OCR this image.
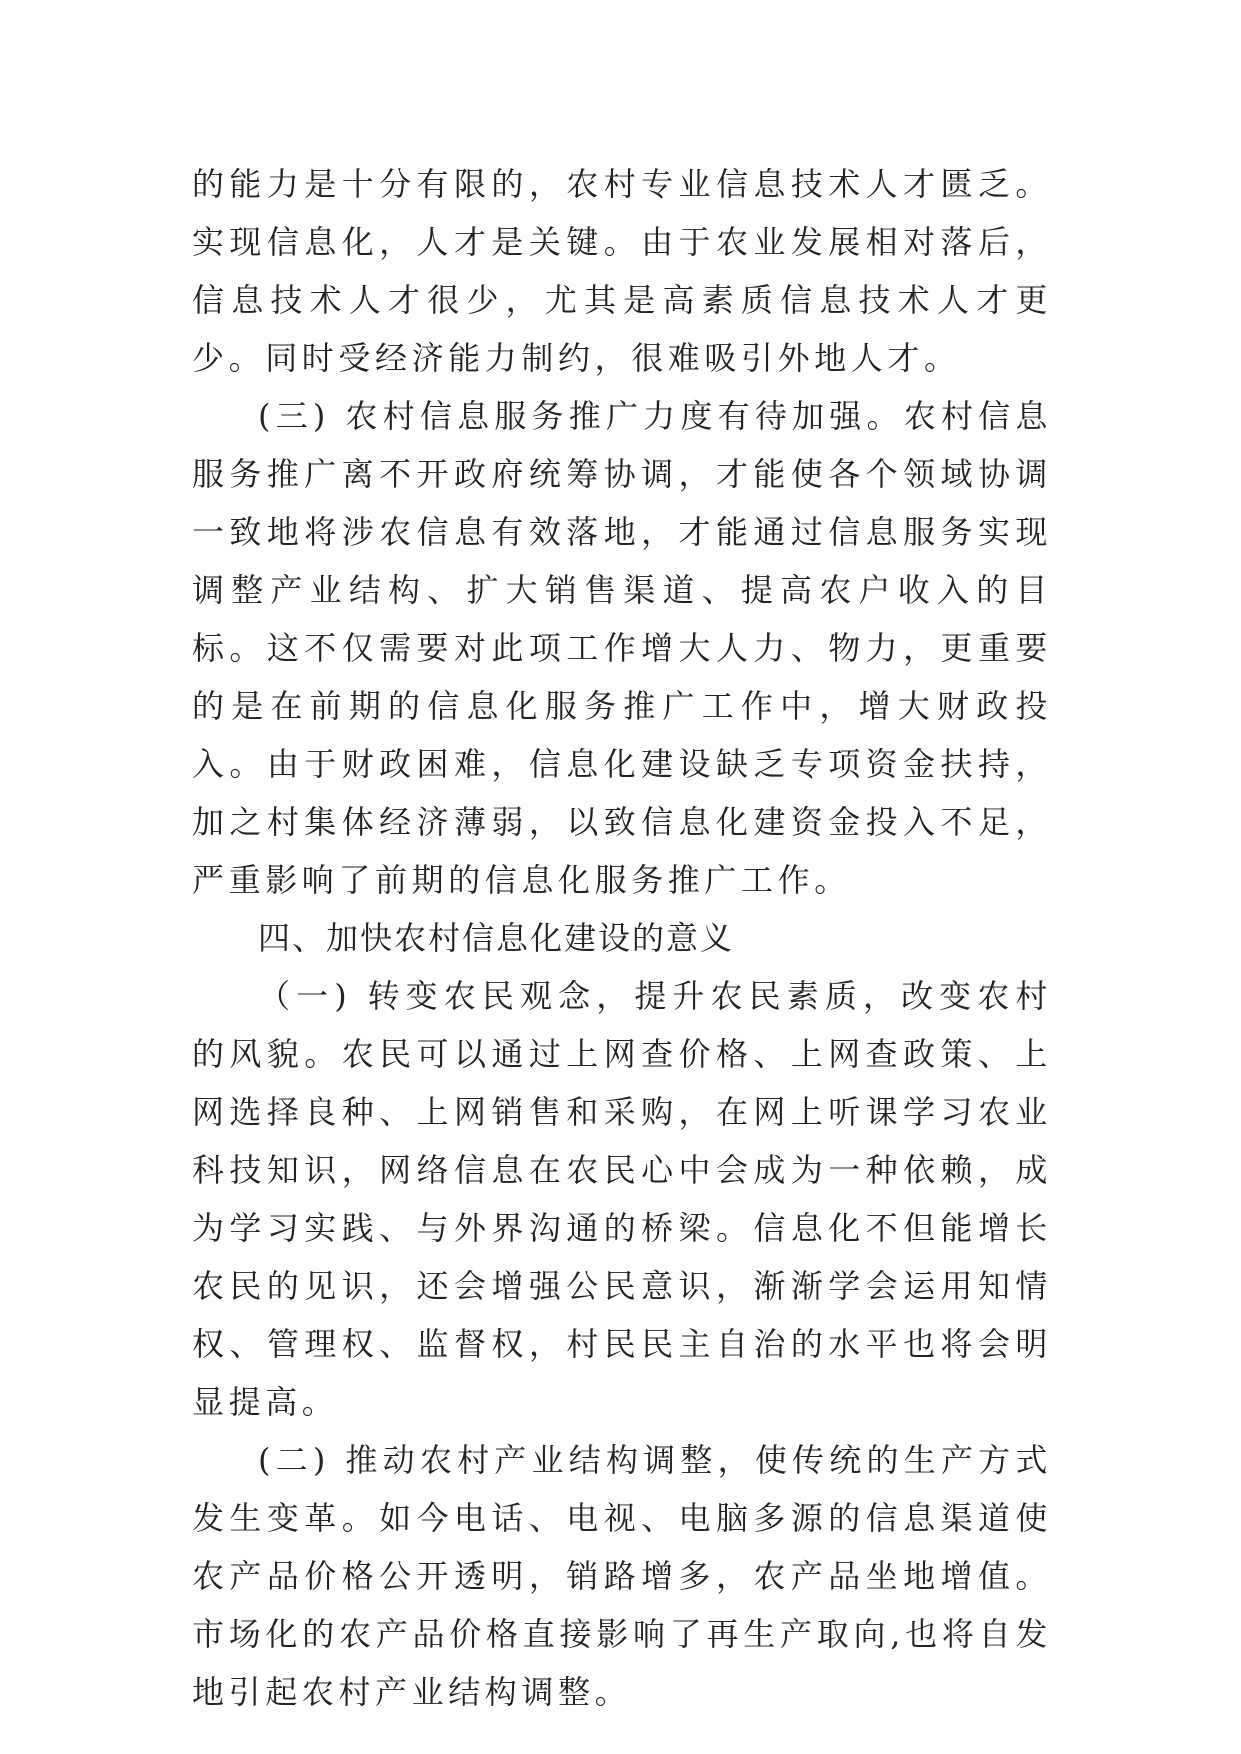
的能力是十分有限的，农村专业信息技术人才匮乏。实现信息化，人才是关键。由于农业发展相对落后，信息技术人才很少，尤其是高素质信息技术人才更少。同时受经济能力制约，很难吸引外地人才。

(三) 农村信息服务推广力度有待加强。农村信息服务推广离不开政府统筹协调，才能使各个领域协调一致地将涉农信息有效落地，才能通过信息服务实现调整产业结构、扩大销售渠道、提高农户收入的目标。这不仅需要对此项工作增大人力、物力，更重要的是在前期的信息化服务推广工作中，增大财政投入。由于财政困难，信息化建设缺乏专项资金扶持，加之村集体经济薄弱，以致信息化建资金投入不足，严重影响了前期的信息化服务推广工作。

四、加快农村信息化建设的意义

（一) 转变农民观念，提升农民素质，改变农村的风貌。农民可以通过上网查价格、上网查政策、上网选择良种、上网销售和采购，在网上听课学习农业科技知识，网络信息在农民心中会成为一种依赖，成为学习实践、与外界沟通的桥梁。信息化不但能增长农民的见识，还会增强公民意识，渐渐学会运用知情权、管理权、监督权，村民民主自治的水平也将会明显提高。

(二) 推动农村产业结构调整，使传统的生产方式发生变革。如今电话、电视、电脑多源的信息渠道使农产品价格公开透明，销路增多，农产品坐地增值。市场化的农产品价格直接影响了再生产取向,也将自发地引起农村产业结构调整。
